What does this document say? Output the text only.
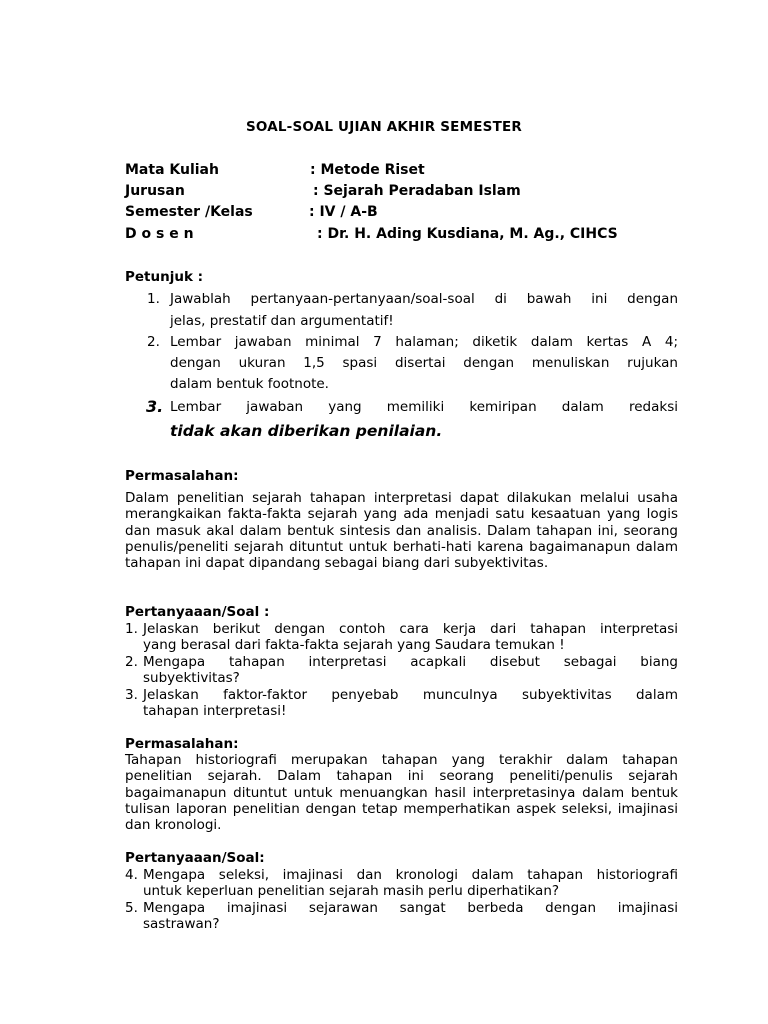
SOAL-SOAL UJIAN AKHIR SEMESTER
Mata Kuliah	: Metode Riset
Jurusan	: Sejarah Peradaban Islam
Semester /Kelas	: IV / A-B
D o s e n	: Dr. H. Ading Kusdiana, M. Ag., CIHCS
Petunjuk :
1. Jawablah pertanyaan-pertanyaan/soal-soal di bawah ini dengan
jelas, prestatif dan argumentatif!
2. Lembar jawaban minimal 7 halaman; diketik dalam kertas A 4;
dengan ukuran 1,5 spasi disertai dengan menuliskan rujukan
dalam bentuk footnote.
3. Lembar jawaban yang memiliki kemiripan dalam redaksi
tidak akan diberikan penilaian.
Permasalahan:
Dalam penelitian sejarah tahapan interpretasi dapat dilakukan melalui usaha merangkaikan fakta-fakta sejarah yang ada menjadi satu kesaatuan yang logis dan masuk akal dalam bentuk sintesis dan analisis. Dalam tahapan ini, seorang penulis/peneliti sejarah dituntut untuk berhati-hati karena bagaimanapun dalam tahapan ini dapat dipandang sebagai biang dari subyektivitas.
Pertanyaaan/Soal :
1. Jelaskan berikut dengan contoh cara kerja dari tahapan interpretasi
yang berasal dari fakta-fakta sejarah yang Saudara temukan !
2. Mengapa tahapan interpretasi acapkali disebut sebagai biang
subyektivitas?
3. Jelaskan faktor-faktor penyebab munculnya subyektivitas dalam
tahapan interpretasi!
Permasalahan:
Tahapan historiografi merupakan tahapan yang terakhir dalam tahapan penelitian sejarah. Dalam tahapan ini seorang peneliti/penulis sejarah bagaimanapun dituntut untuk menuangkan hasil interpretasinya dalam bentuk tulisan laporan penelitian dengan tetap memperhatikan aspek seleksi, imajinasi dan kronologi.
Pertanyaaan/Soal:
4. Mengapa seleksi, imajinasi dan kronologi dalam tahapan historiografi
untuk keperluan penelitian sejarah masih perlu diperhatikan?
5. Mengapa imajinasi sejarawan sangat berbeda dengan imajinasi
sastrawan?
